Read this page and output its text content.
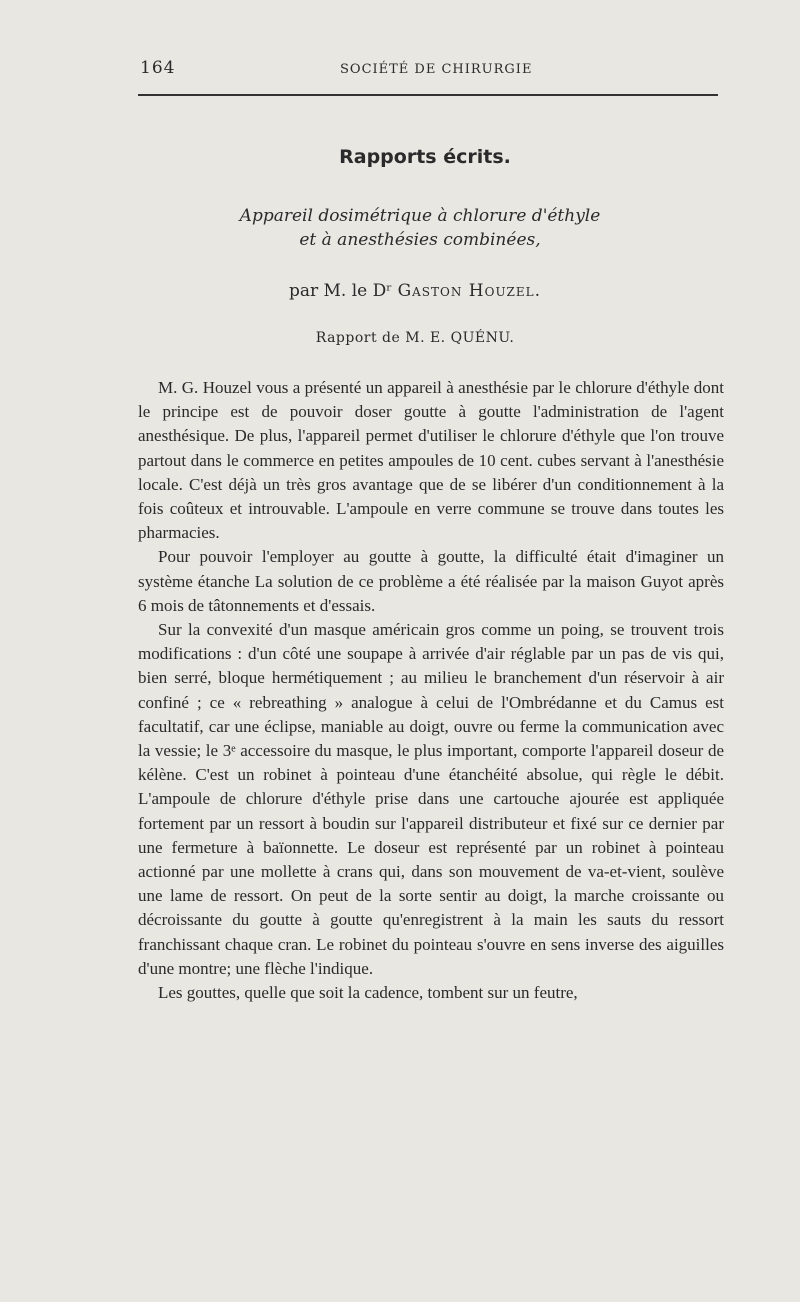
164	SOCIÉTÉ DE CHIRURGIE
Rapports écrits.
Appareil dosimétrique à chlorure d'éthyle
et à anesthésies combinées,
par M. le Dʳ Gaston Houzel.
Rapport de M. E. QUÉNU.

M. G. Houzel vous a présenté un appareil à anesthésie par le chlorure d'éthyle dont le principe est de pouvoir doser goutte à goutte l'administration de l'agent anesthésique. De plus, l'appareil permet d'utiliser le chlorure d'éthyle que l'on trouve partout dans le commerce en petites ampoules de 10 cent. cubes servant à l'anesthésie locale. C'est déjà un très gros avantage que de se libérer d'un conditionnement à la fois coûteux et introuvable. L'ampoule en verre commune se trouve dans toutes les pharmacies.

Pour pouvoir l'employer au goutte à goutte, la difficulté était d'imaginer un système étanche La solution de ce problème a été réalisée par la maison Guyot après 6 mois de tâtonnements et d'essais.

Sur la convexité d'un masque américain gros comme un poing, se trouvent trois modifications : d'un côté une soupape à arrivée d'air réglable par un pas de vis qui, bien serré, bloque hermétiquement ; au milieu le branchement d'un réservoir à air confiné ; ce « rebreathing » analogue à celui de l'Ombrédanne et du Camus est facultatif, car une éclipse, maniable au doigt, ouvre ou ferme la communication avec la vessie; le 3ᵉ accessoire du masque, le plus important, comporte l'appareil doseur de kélène. C'est un robinet à pointeau d'une étanchéité absolue, qui règle le débit. L'ampoule de chlorure d'éthyle prise dans une cartouche ajourée est appliquée fortement par un ressort à boudin sur l'appareil distributeur et fixé sur ce dernier par une fermeture à baïonnette. Le doseur est représenté par un robinet à pointeau actionné par une mollette à crans qui, dans son mouvement de va-et-vient, soulève une lame de ressort. On peut de la sorte sentir au doigt, la marche croissante ou décroissante du goutte à goutte qu'enregistrent à la main les sauts du ressort franchissant chaque cran. Le robinet du pointeau s'ouvre en sens inverse des aiguilles d'une montre; une flèche l'indique.

Les gouttes, quelle que soit la cadence, tombent sur un feutre,
